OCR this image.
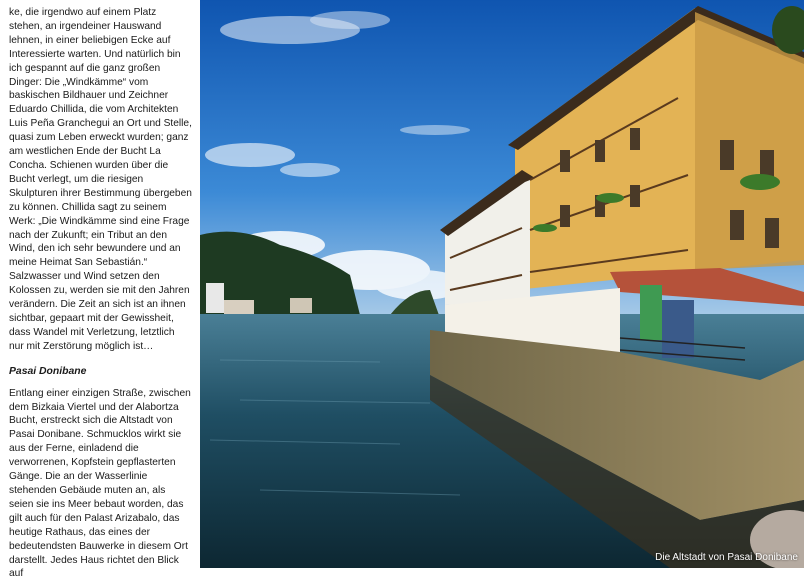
ke, die irgendwo auf einem Platz stehen, an irgendeiner Hauswand lehnen, in einer beliebigen Ecke auf Interessierte warten. Und natürlich bin ich gespannt auf die ganz großen Dinger: Die „Windkämme“ vom baskischen Bildhauer und Zeichner Eduardo Chillida, die vom Architekten Luis Peña Granchegui an Ort und Stelle, quasi zum Leben erweckt wurden; ganz am westlichen Ende der Bucht La Concha. Schienen wurden über die Bucht verlegt, um die riesigen Skulpturen ihrer Bestimmung übergeben zu können. Chillida sagt zu seinem Werk: „Die Windkämme sind eine Frage nach der Zukunft; ein Tribut an den Wind, den ich sehr bewundere und an meine Heimat San Sebastián.“ Salzwasser und Wind setzen den Kolossen zu, werden sie mit den Jahren verändern. Die Zeit an sich ist an ihnen sichtbar, gepaart mit der Gewissheit, dass Wandel mit Verletzung, letztlich nur mit Zerstörung möglich ist…

Pasai Donibane

Entlang einer einzigen Straße, zwischen dem Bizkaia Viertel und der Alabortza Bucht, erstreckt sich die Altstadt von Pasai Donibane. Schmucklos wirkt sie aus der Ferne, einladend die verworrenen, Kopfstein gepflasterten Gänge. Die an der Wasserlinie stehenden Gebäude muten an, als seien sie ins Meer bebaut worden, das gilt auch für den Palast Arizabalo, das heutige Rathaus, das eines der bedeutendsten Bauwerke in diesem Ort darstellt. Jedes Haus richtet den Blick auf

Die Altstadt von Pasai Donibane
